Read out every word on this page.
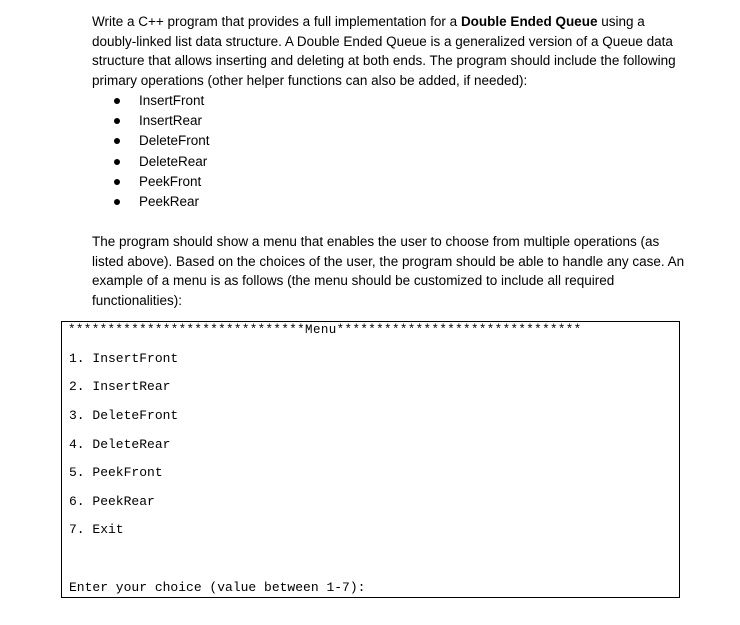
Write a C++ program that provides a full implementation for a Double Ended Queue using a doubly-linked list data structure. A Double Ended Queue is a generalized version of a Queue data structure that allows inserting and deleting at both ends. The program should include the following primary operations (other helper functions can also be added, if needed):

InsertFront
InsertRear
DeleteFront
DeleteRear
PeekFront
PeekRear

The program should show a menu that enables the user to choose from multiple operations (as listed above). Based on the choices of the user, the program should be able to handle any case. An example of a menu is as follows (the menu should be customized to include all required functionalities):

******************************Menu*******************************
1. InsertFront
2. InsertRear
3. DeleteFront
4. DeleteRear
5. PeekFront
6. PeekRear
7. Exit
Enter your choice (value between 1-7):
